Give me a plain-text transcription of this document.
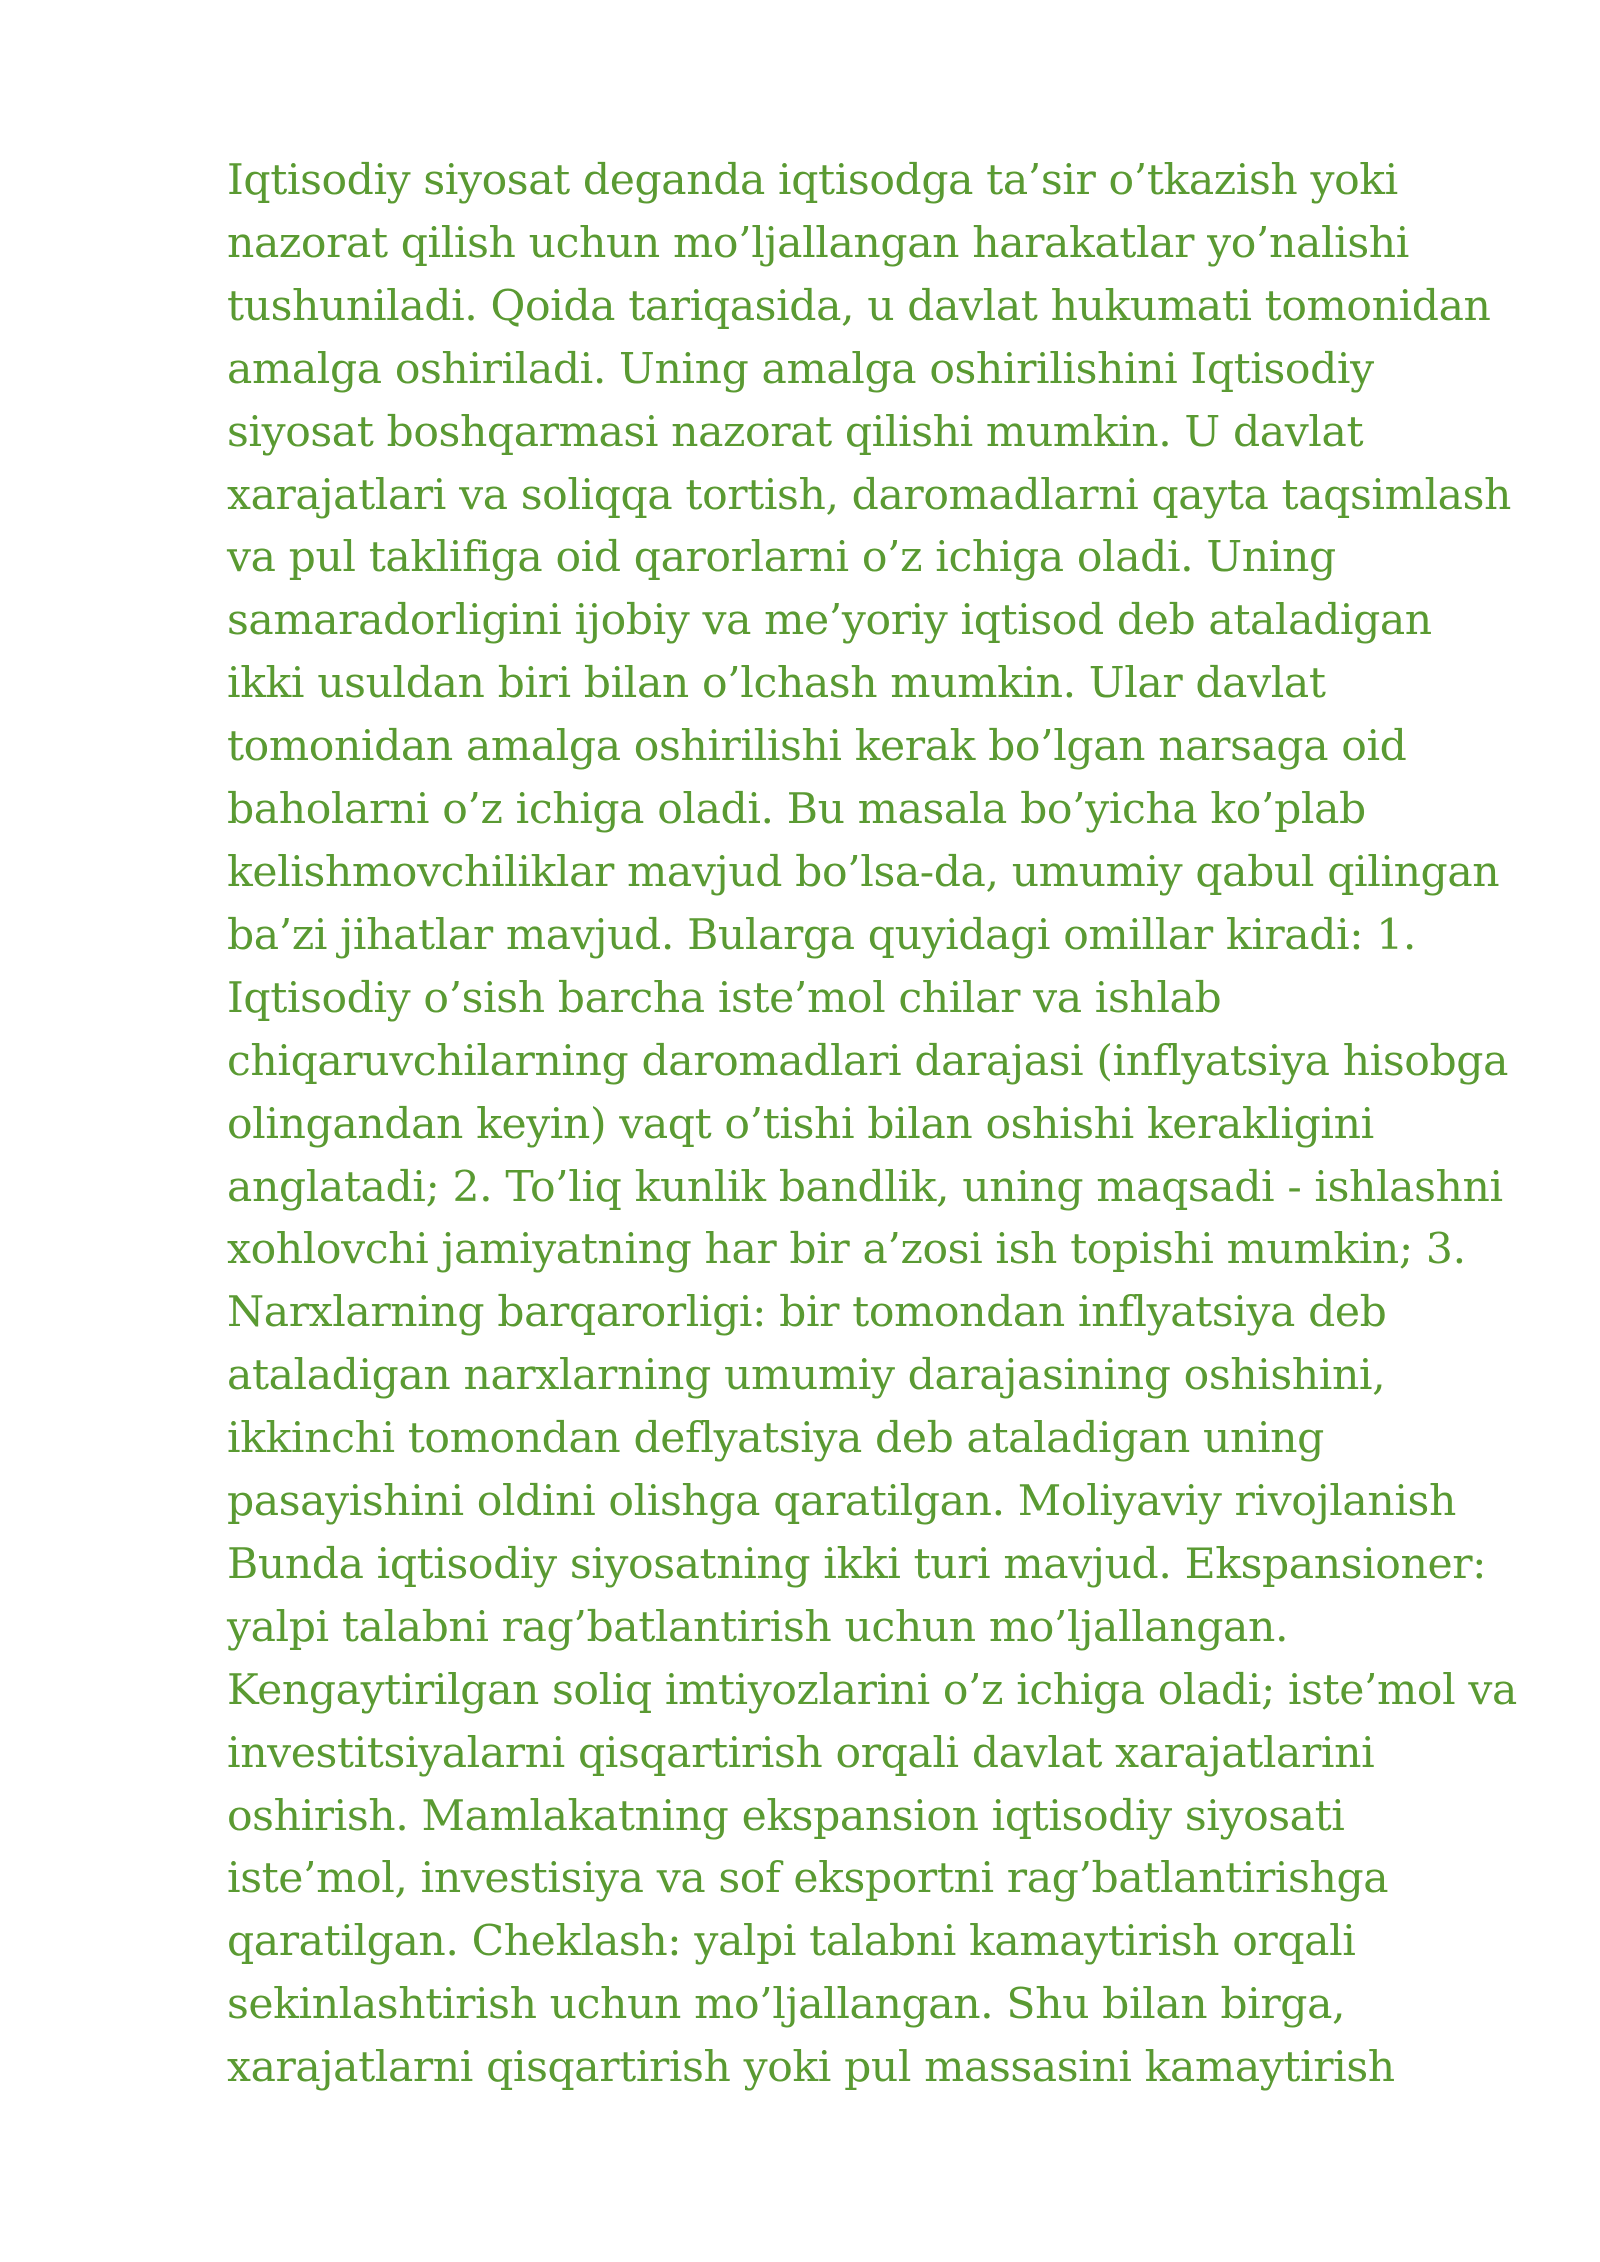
Iqtisodiy siyosat deganda iqtisodga ta’sir o’tkazish yoki
nazorat qilish uchun mo’ljallangan harakatlar yo’nalishi
tushuniladi. Qoida tariqasida, u davlat hukumati tomonidan
amalga oshiriladi. Uning amalga oshirilishini Iqtisodiy
siyosat boshqarmasi nazorat qilishi mumkin. U davlat
xarajatlari va soliqqa tortish, daromadlarni qayta taqsimlash
va pul taklifiga oid qarorlarni o’z ichiga oladi. Uning
samaradorligini ijobiy va me’yoriy iqtisod deb ataladigan
ikki usuldan biri bilan o’lchash mumkin. Ular davlat
tomonidan amalga oshirilishi kerak bo’lgan narsaga oid
baholarni o’z ichiga oladi. Bu masala bo’yicha ko’plab
kelishmovchiliklar mavjud bo’lsa-da, umumiy qabul qilingan
ba’zi jihatlar mavjud. Bularga quyidagi omillar kiradi: 1.
Iqtisodiy o’sish barcha iste’mol chilar va ishlab
chiqaruvchilarning daromadlari darajasi (inflyatsiya hisobga
olingandan keyin) vaqt o’tishi bilan oshishi kerakligini
anglatadi; 2. To’liq kunlik bandlik, uning maqsadi - ishlashni
xohlovchi jamiyatning har bir a’zosi ish topishi mumkin; 3.
Narxlarning barqarorligi: bir tomondan inflyatsiya deb
ataladigan narxlarning umumiy darajasining oshishini,
ikkinchi tomondan deflyatsiya deb ataladigan uning
pasayishini oldini olishga qaratilgan. Moliyaviy rivojlanish
Bunda iqtisodiy siyosatning ikki turi mavjud. Ekspansioner:
yalpi talabni rag’batlantirish uchun mo’ljallangan.
Kengaytirilgan soliq imtiyozlarini o’z ichiga oladi; iste’mol va
investitsiyalarni qisqartirish orqali davlat xarajatlarini
oshirish. Mamlakatning ekspansion iqtisodiy siyosati
iste’mol, investisiya va sof eksportni rag’batlantirishga
qaratilgan. Cheklash: yalpi talabni kamaytirish orqali
sekinlashtirish uchun mo’ljallangan. Shu bilan birga,
xarajatlarni qisqartirish yoki pul massasini kamaytirish
